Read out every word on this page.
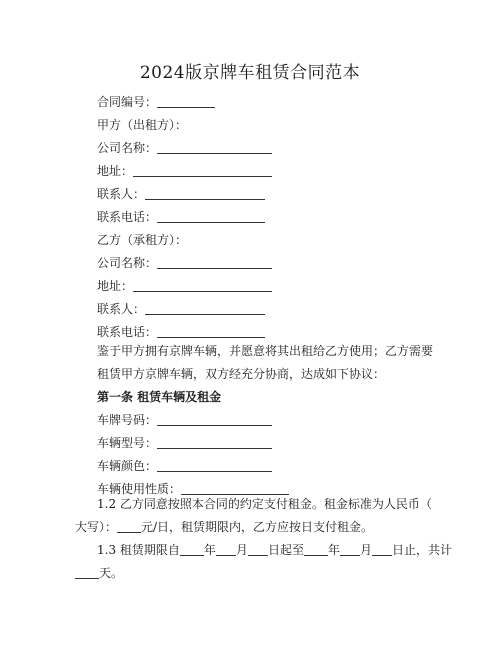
2024版京牌车租赁合同范本
合同编号：
甲方（出租方）：
公司名称：
地址：
联系人：
联系电话：
乙方（承租方）：
公司名称：
地址：
联系人：
联系电话：
鉴于甲方拥有京牌车辆，并愿意将其出租给乙方使用；乙方需要
租赁甲方京牌车辆，双方经充分协商，达成如下协议：
第一条 租赁车辆及租金
车牌号码：
车辆型号：
车辆颜色：
车辆使用性质：
1.2 乙方同意按照本合同的约定支付租金。租金标准为人民币（
大写）： 元/日，租赁期限内，乙方应按日支付租金。
1.3 租赁期限自 年 月 日起至 年 月 日止，共计
天。
